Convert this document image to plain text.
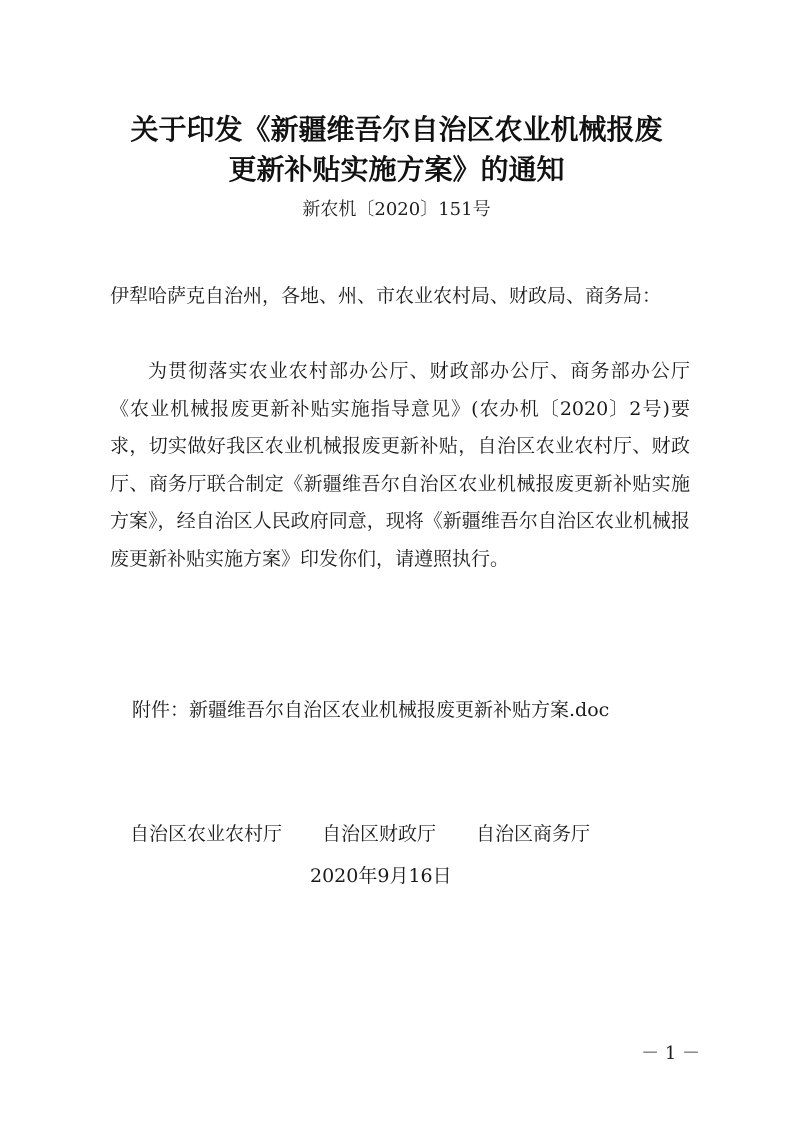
关于印发《新疆维吾尔自治区农业机械报废
更新补贴实施方案》的通知
新农机〔2020〕151号

伊犁哈萨克自治州，各地、州、市农业农村局、财政局、商务局：

为贯彻落实农业农村部办公厅、财政部办公厅、商务部办公厅《农业机械报废更新补贴实施指导意见》(农办机〔2020〕2号)要求，切实做好我区农业机械报废更新补贴，自治区农业农村厅、财政厅、商务厅联合制定《新疆维吾尔自治区农业机械报废更新补贴实施方案》，经自治区人民政府同意，现将《新疆维吾尔自治区农业机械报废更新补贴实施方案》印发你们，请遵照执行。

附件：新疆维吾尔自治区农业机械报废更新补贴方案.doc
自治区农业农村厅 自治区财政厅 自治区商务厅
2020年9月16日
－ 1 －
